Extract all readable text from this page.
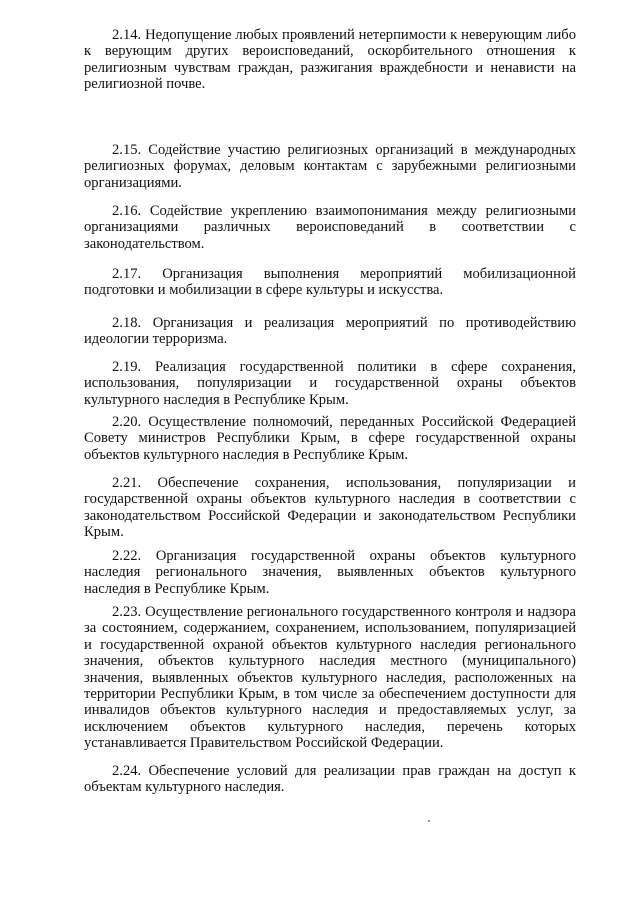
2.14. Недопущение любых проявлений нетерпимости к неверующим либо к верующим других вероисповеданий, оскорбительного отношения к религиозным чувствам граждан, разжигания враждебности и ненависти на религиозной почве.

2.15. Содействие участию религиозных организаций в международных религиозных форумах, деловым контактам с зарубежными религиозными организациями.

2.16. Содействие укреплению взаимопонимания между религиозными организациями различных вероисповеданий в соответствии с законодательством.

2.17. Организация выполнения мероприятий мобилизационной подготовки и мобилизации в сфере культуры и искусства.

2.18. Организация и реализация мероприятий по противодействию идеологии терроризма.

2.19. Реализация государственной политики в сфере сохранения, использования, популяризации и государственной охраны объектов культурного наследия в Республике Крым.

2.20. Осуществление полномочий, переданных Российской Федерацией Совету министров Республики Крым, в сфере государственной охраны объектов культурного наследия в Республике Крым.

2.21. Обеспечение сохранения, использования, популяризации и государственной охраны объектов культурного наследия в соответствии с законодательством Российской Федерации и законодательством Республики Крым.

2.22. Организация государственной охраны объектов культурного наследия регионального значения, выявленных объектов культурного наследия в Республике Крым.

2.23. Осуществление регионального государственного контроля и надзора за состоянием, содержанием, сохранением, использованием, популяризацией и государственной охраной объектов культурного наследия регионального значения, объектов культурного наследия местного (муниципального) значения, выявленных объектов культурного наследия, расположенных на территории Республики Крым, в том числе за обеспечением доступности для инвалидов объектов культурного наследия и предоставляемых услуг, за исключением объектов культурного наследия, перечень которых устанавливается Правительством Российской Федерации.

2.24. Обеспечение условий для реализации прав граждан на доступ к объектам культурного наследия.
